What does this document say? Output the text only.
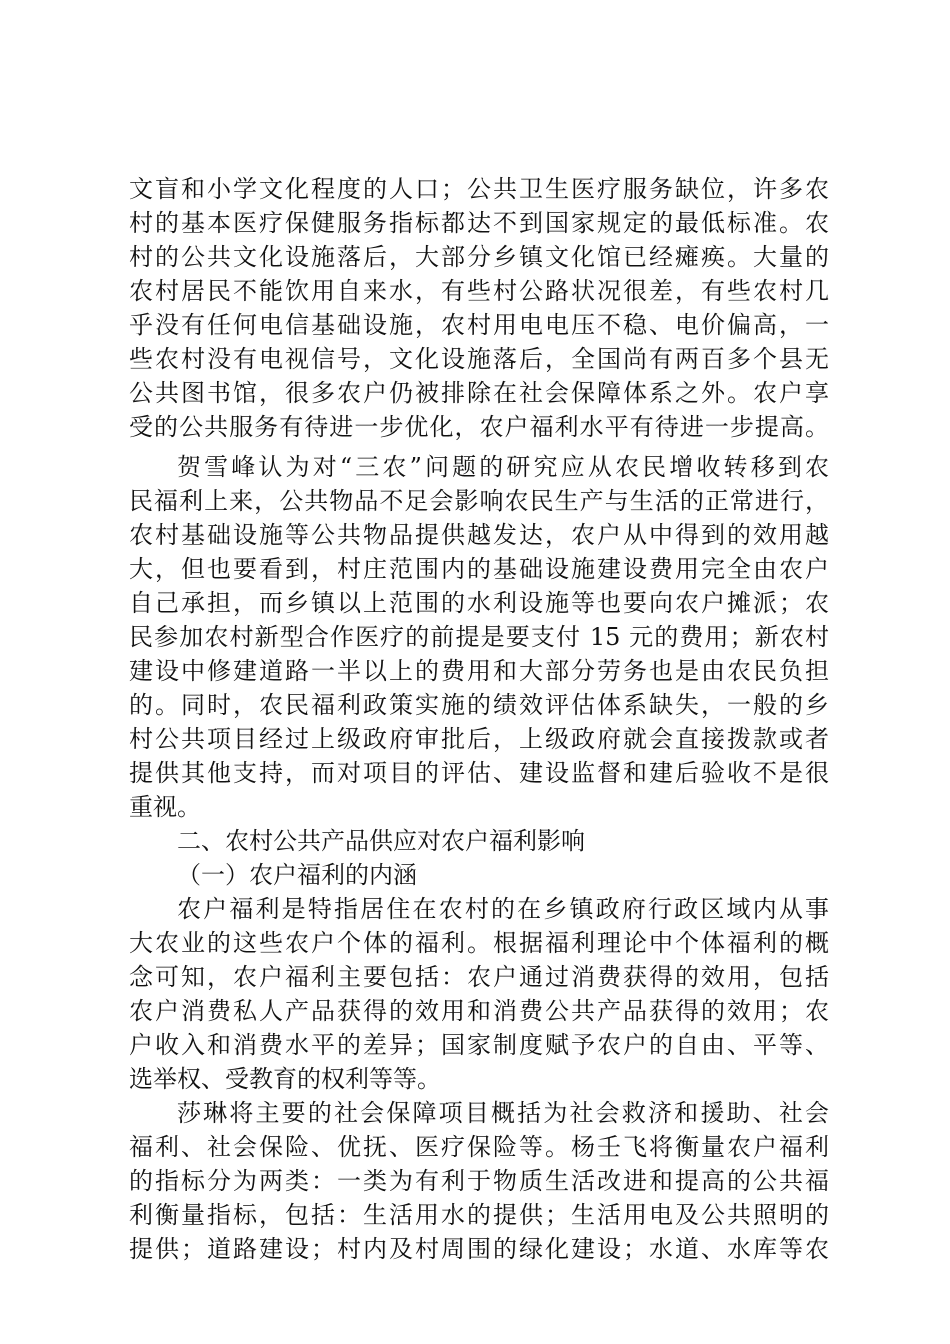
文盲和小学文化程度的人口；公共卫生医疗服务缺位，许多农
村的基本医疗保健服务指标都达不到国家规定的最低标准。农
村的公共文化设施落后，大部分乡镇文化馆已经瘫痪。大量的
农村居民不能饮用自来水，有些村公路状况很差，有些农村几
乎没有任何电信基础设施，农村用电电压不稳、电价偏高，一
些农村没有电视信号，文化设施落后，全国尚有两百多个县无
公共图书馆，很多农户仍被排除在社会保障体系之外。农户享
受的公共服务有待进一步优化，农户福利水平有待进一步提高。
贺雪峰认为对“三农”问题的研究应从农民增收转移到农
民福利上来，公共物品不足会影响农民生产与生活的正常进行，
农村基础设施等公共物品提供越发达，农户从中得到的效用越
大，但也要看到，村庄范围内的基础设施建设费用完全由农户
自己承担，而乡镇以上范围的水利设施等也要向农户摊派；农
民参加农村新型合作医疗的前提是要支付 15 元的费用；新农村
建设中修建道路一半以上的费用和大部分劳务也是由农民负担
的。同时，农民福利政策实施的绩效评估体系缺失，一般的乡
村公共项目经过上级政府审批后，上级政府就会直接拨款或者
提供其他支持，而对项目的评估、建设监督和建后验收不是很
重视。
二、农村公共产品供应对农户福利影响
（一）农户福利的内涵
农户福利是特指居住在农村的在乡镇政府行政区域内从事
大农业的这些农户个体的福利。根据福利理论中个体福利的概
念可知，农户福利主要包括：农户通过消费获得的效用，包括
农户消费私人产品获得的效用和消费公共产品获得的效用；农
户收入和消费水平的差异；国家制度赋予农户的自由、平等、
选举权、受教育的权利等等。
莎琳将主要的社会保障项目概括为社会救济和援助、社会
福利、社会保险、优抚、医疗保险等。杨壬飞将衡量农户福利
的指标分为两类：一类为有利于物质生活改进和提高的公共福
利衡量指标，包括：生活用水的提供；生活用电及公共照明的
提供；道路建设；村内及村周围的绿化建设；水道、水库等农
